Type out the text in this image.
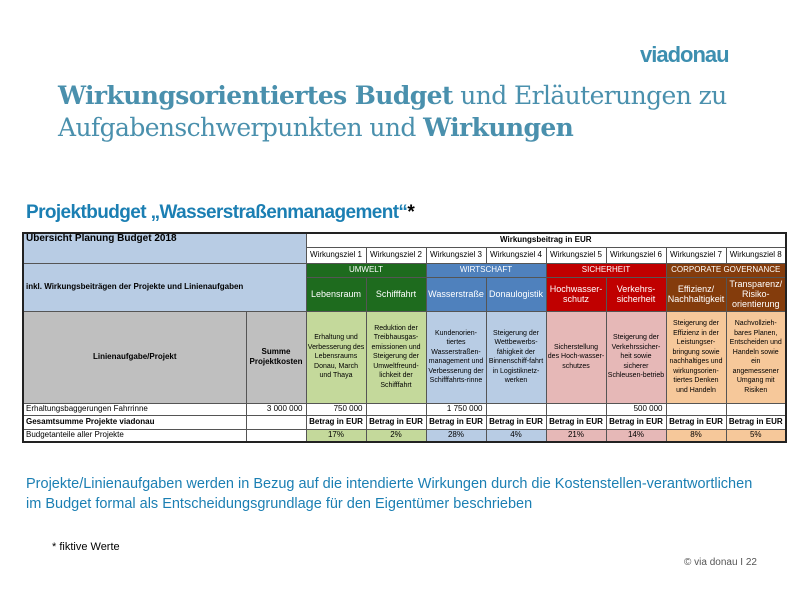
viadonau
Wirkungsorientiertes Budget und Erläuterungen zu
Aufgabenschwerpunkten und Wirkungen
Projektbudget „Wasserstraßenmanagement“*
Übersicht Planung Budget 2018		Wirkungsbeitrag in EUR							
		Wirkungsziel 1	Wirkungsziel 2	Wirkungsziel 3	Wirkungsziel 4	Wirkungsziel 5	Wirkungsziel 6	Wirkungsziel 7	Wirkungsziel 8
inkl. Wirkungsbeiträgen der Projekte und Linienaufgaben		UMWELT		WIRTSCHAFT		SICHERHEIT		CORPORATE GOVERNANCE	
		Lebensraum	Schifffahrt	Wasserstraße	Donaulogistik	Hochwasser-schutz	Verkehrs-sicherheit	Effizienz/ Nachhaltigkeit	Transparenz/ Risiko-orientierung
Linienaufgabe/Projekt	Summe Projektkosten	Erhaltung und Verbesserung des Lebensraums Donau, March und Thaya	Reduktion der Treibhausgas-emissionen und Steigerung der Umweltfreund-lichkeit der Schifffahrt	Kundenorien-tiertes Wasserstraßen-management und Verbesserung der Schifffahrts-rinne	Steigerung der Wettbewerbs-fähigkeit der Binnenschiff-fahrt in Logistiknetz-werken	Sicherstellung des Hoch-wasser-schutzes	Steigerung der Verkehrssicher-heit sowie sicherer Schleusen-betrieb	Steigerung der Effizienz in der Leistungser-bringung sowie nachhaltiges und wirkungsorien-tiertes Denken und Handeln	Nachvollzieh-bares Planen, Entscheiden und Handeln sowie ein angemessener Umgang mit Risiken
Erhaltungsbaggerungen Fahrrinne	3 000 000	750 000		1 750 000			500 000		
Gesamtsumme Projekte viadonau		Betrag in EUR	Betrag in EUR	Betrag in EUR	Betrag in EUR	Betrag in EUR	Betrag in EUR	Betrag in EUR	Betrag in EUR
Budgetanteile aller Projekte		17%	2%	28%	4%	21%	14%	8%	5%
Projekte/Linienaufgaben werden in Bezug auf die intendierte Wirkungen durch die Kostenstellen-verantwortlichen im Budget formal als Entscheidungsgrundlage für den Eigentümer beschrieben
* fiktive Werte
© via donau I 22
